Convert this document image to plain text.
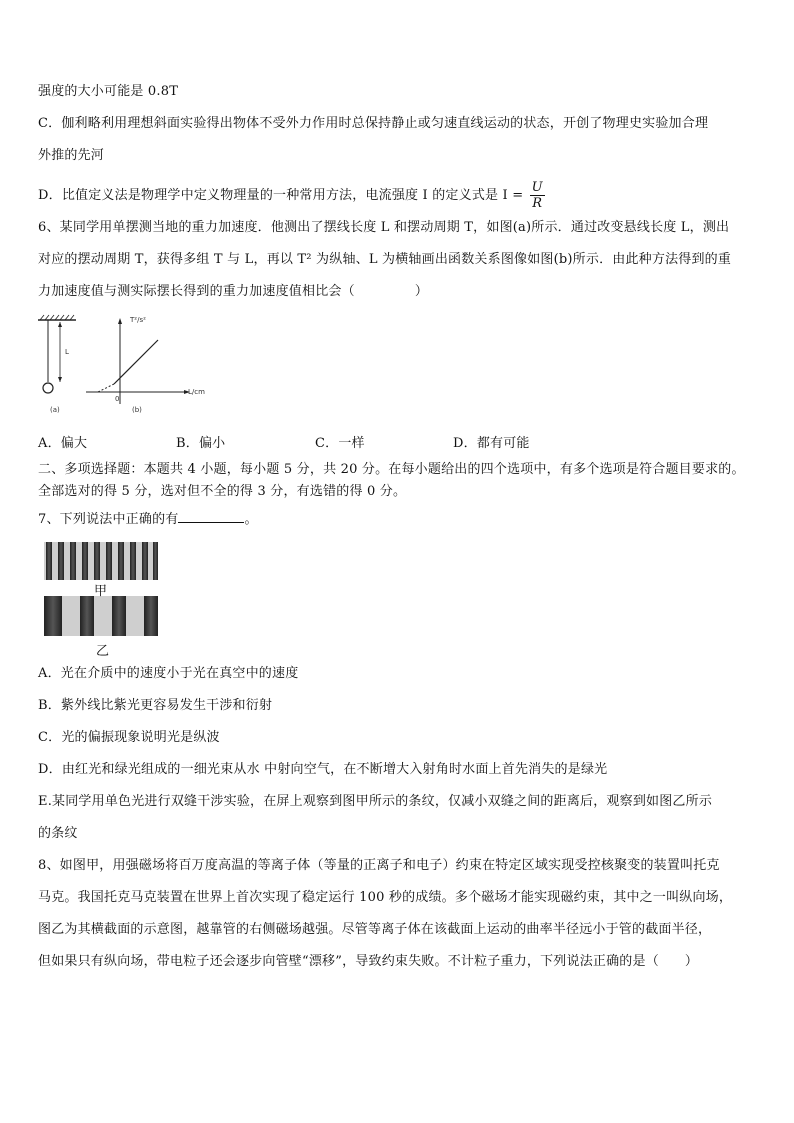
强度的大小可能是 0.8T
C．伽利略利用理想斜面实验得出物体不受外力作用时总保持静止或匀速直线运动的状态，开创了物理史实验加合理
外推的先河
D．比值定义法是物理学中定义物理量的一种常用方法，电流强度 I 的定义式是 $I = \frac{U}{R}$
6、某同学用单摆测当地的重力加速度．他测出了摆线长度 L 和摆动周期 T，如图(a)所示．通过改变悬线长度 L，测出
对应的摆动周期 T，获得多组 T 与 L，再以 T² 为纵轴、L 为横轴画出函数关系图像如图(b)所示．由此种方法得到的重
力加速度值与测实际摆长得到的重力加速度值相比会（	）
L
(a)
T²/s²
L/cm
0
(b)
A．偏大	B．偏小	C．一样	D．都有可能
二、多项选择题：本题共 4 小题，每小题 5 分，共 20 分。在每小题给出的四个选项中，有多个选项是符合题目要求的。
全部选对的得 5 分，选对但不全的得 3 分，有选错的得 0 分。
7、下列说法中正确的有	。
甲
乙
A．光在介质中的速度小于光在真空中的速度
B．紫外线比紫光更容易发生干涉和衍射
C．光的偏振现象说明光是纵波
D．由红光和绿光组成的一细光束从水 中射向空气，在不断增大入射角时水面上首先消失的是绿光
E.某同学用单色光进行双缝干涉实验，在屏上观察到图甲所示的条纹，仅减小双缝之间的距离后，观察到如图乙所示
的条纹
8、如图甲，用强磁场将百万度高温的等离子体（等量的正离子和电子）约束在特定区域实现受控核聚变的装置叫托克
马克。我国托克马克装置在世界上首次实现了稳定运行 100 秒的成绩。多个磁场才能实现磁约束，其中之一叫纵向场，
图乙为其横截面的示意图，越靠管的右侧磁场越强。尽管等离子体在该截面上运动的曲率半径远小于管的截面半径，
但如果只有纵向场，带电粒子还会逐步向管壁“漂移”，导致约束失败。不计粒子重力，下列说法正确的是（ ）
